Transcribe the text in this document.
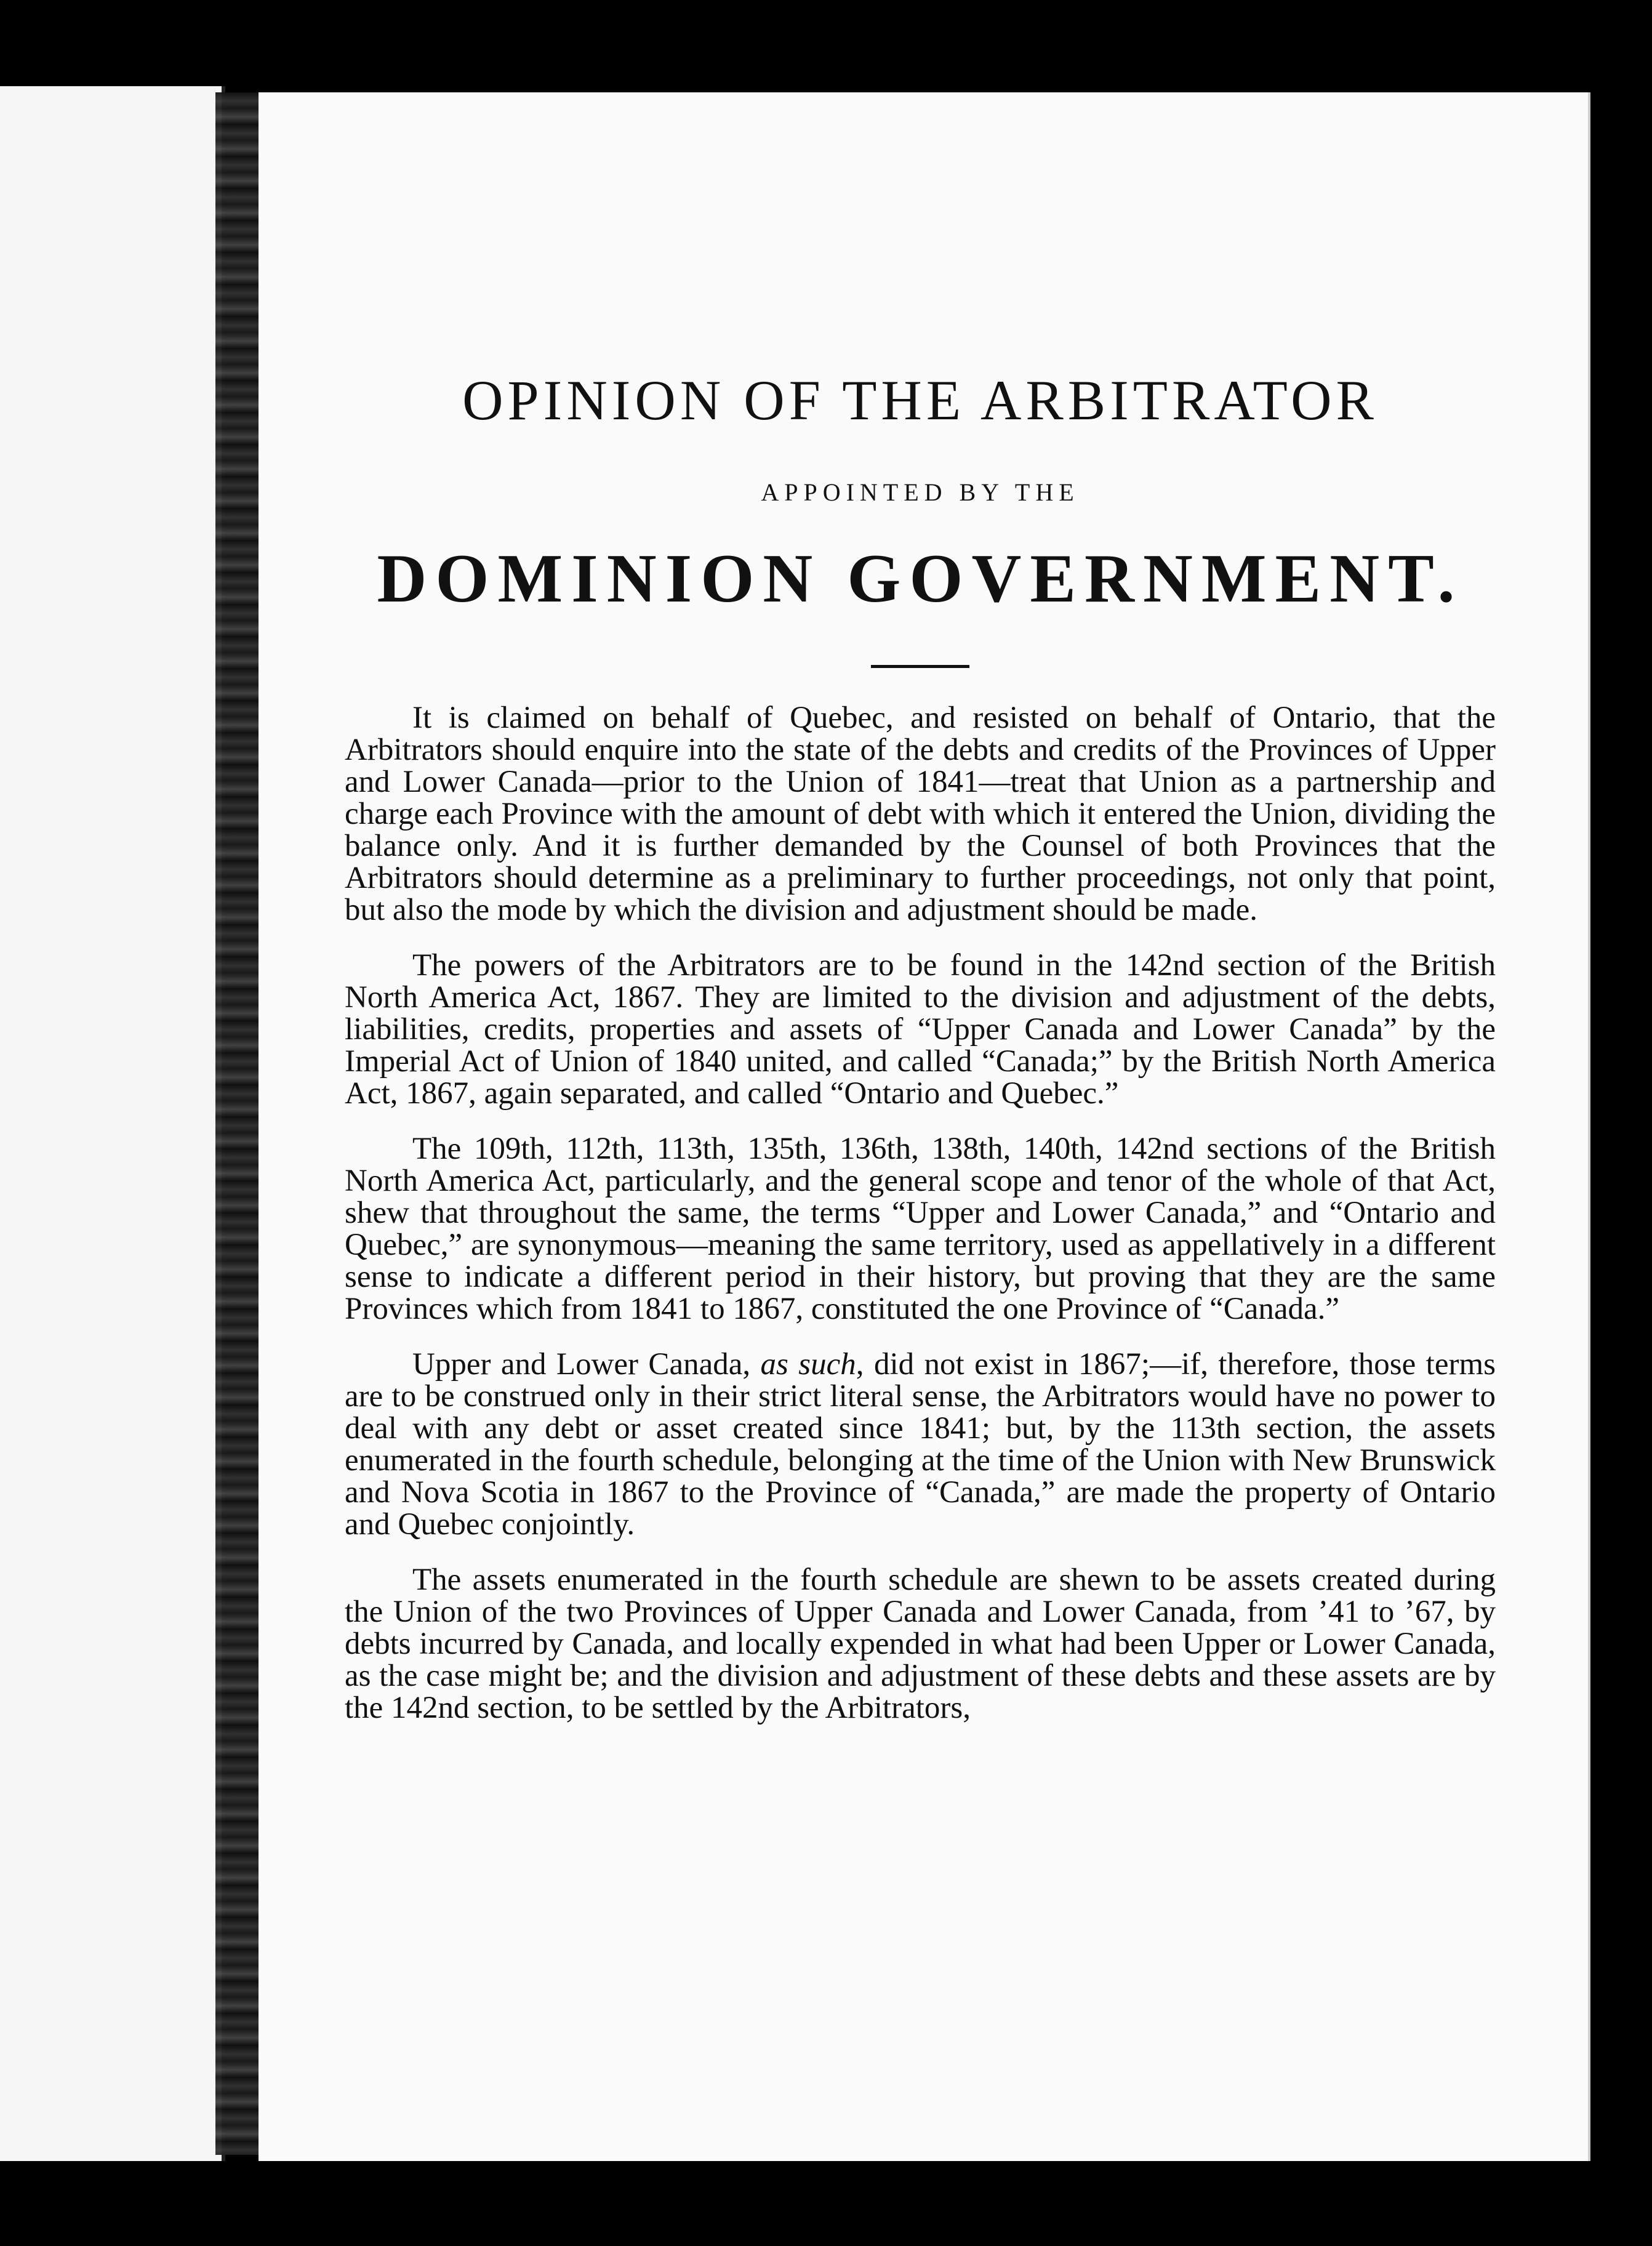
OPINION OF THE ARBITRATOR
APPOINTED BY THE
DOMINION GOVERNMENT.

It is claimed on behalf of Quebec, and resisted on behalf of Ontario, that the Arbitrators should enquire into the state of the debts and credits of the Provinces of Upper and Lower Canada—prior to the Union of 1841—treat that Union as a partnership and charge each Province with the amount of debt with which it entered the Union, dividing the balance only. And it is further demanded by the Counsel of both Provinces that the Arbitrators should determine as a preliminary to further proceedings, not only that point, but also the mode by which the division and adjustment should be made.

The powers of the Arbitrators are to be found in the 142nd section of the British North America Act, 1867. They are limited to the division and adjustment of the debts, liabilities, credits, properties and assets of “Upper Canada and Lower Canada” by the Imperial Act of Union of 1840 united, and called “Canada;” by the British North America Act, 1867, again separated, and called “Ontario and Quebec.”

The 109th, 112th, 113th, 135th, 136th, 138th, 140th, 142nd sections of the British North America Act, particularly, and the general scope and tenor of the whole of that Act, shew that throughout the same, the terms “Upper and Lower Canada,” and “Ontario and Quebec,” are synonymous—meaning the same territory, used as appellatively in a different sense to indicate a different period in their history, but proving that they are the same Provinces which from 1841 to 1867, constituted the one Province of “Canada.”

Upper and Lower Canada, as such, did not exist in 1867;—if, therefore, those terms are to be construed only in their strict literal sense, the Arbitrators would have no power to deal with any debt or asset created since 1841; but, by the 113th section, the assets enumerated in the fourth schedule, belonging at the time of the Union with New Brunswick and Nova Scotia in 1867 to the Province of “Canada,” are made the property of Ontario and Quebec conjointly.

The assets enumerated in the fourth schedule are shewn to be assets created during the Union of the two Provinces of Upper Canada and Lower Canada, from ’41 to ’67, by debts incurred by Canada, and locally expended in what had been Upper or Lower Canada, as the case might be; and the division and adjustment of these debts and these assets are by the 142nd section, to be settled by the Arbitrators,
